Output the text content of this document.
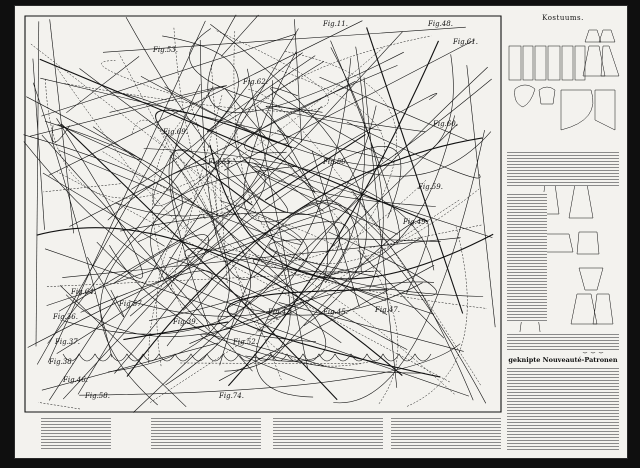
Fig.11.	Fig.48.
Fig.53.
Fig.69.
Fig.55.	Fig.50.
Fig.59.
Fig.49.
Fig.64.
Fig.57.
Fig.39.
Fig.42.	Fig.45.	Fig.47.
Fig.52.
Fig.36.
Fig.37.
Fig.38.
Fig.74.
Fig.46.
Fig.58.
Fig.60.
Fig.61.
Fig.62.
Kostuums.
geknipte Nouveauté-Patronen
